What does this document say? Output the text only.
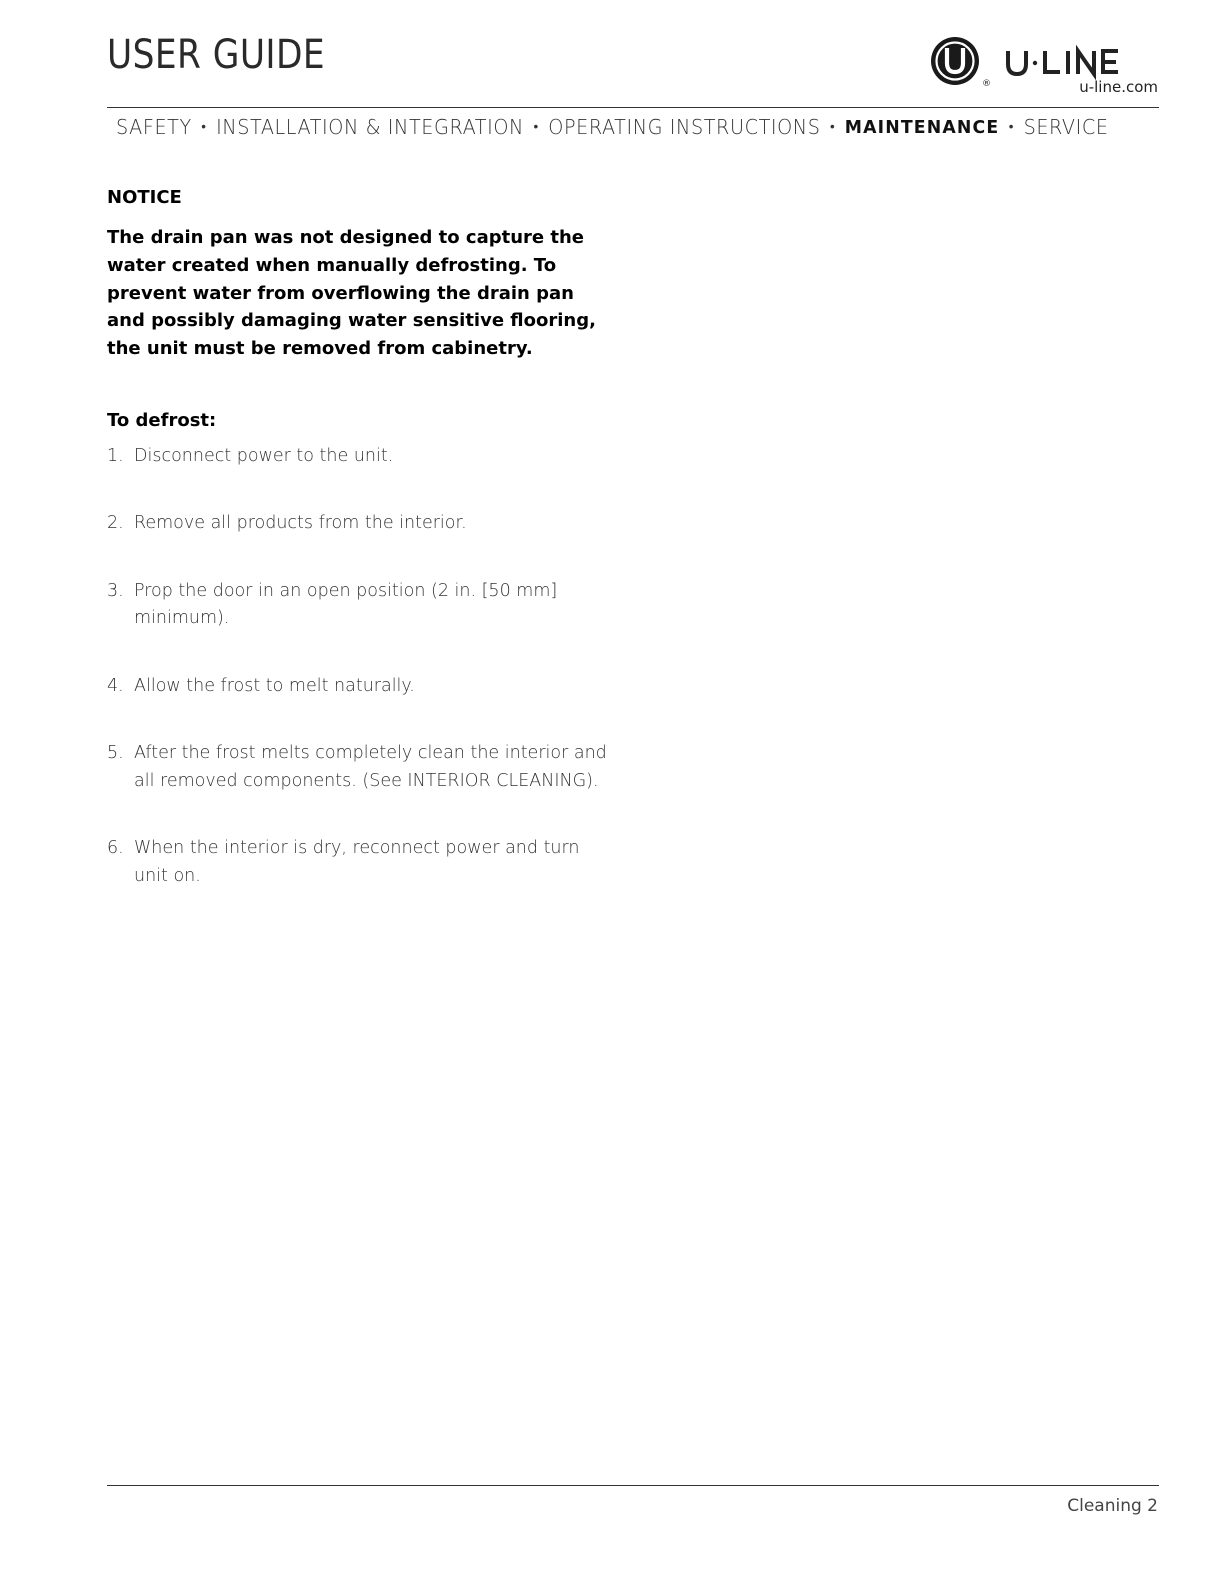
USER GUIDE
®	u-line.com
SAFETY • INSTALLATION & INTEGRATION • OPERATING INSTRUCTIONS • MAINTENANCE • SERVICE
NOTICE

The drain pan was not designed to capture the water created when manually defrosting. To prevent water from overflowing the drain pan and possibly damaging water sensitive flooring, the unit must be removed from cabinetry.

To defrost:
1. Disconnect power to the unit.
2. Remove all products from the interior.
3. Prop the door in an open position (2 in. [50 mm] minimum).
4. Allow the frost to melt naturally.
5. After the frost melts completely clean the interior and all removed components. (See INTERIOR CLEANING).
6. When the interior is dry, reconnect power and turn unit on.
Cleaning 2
